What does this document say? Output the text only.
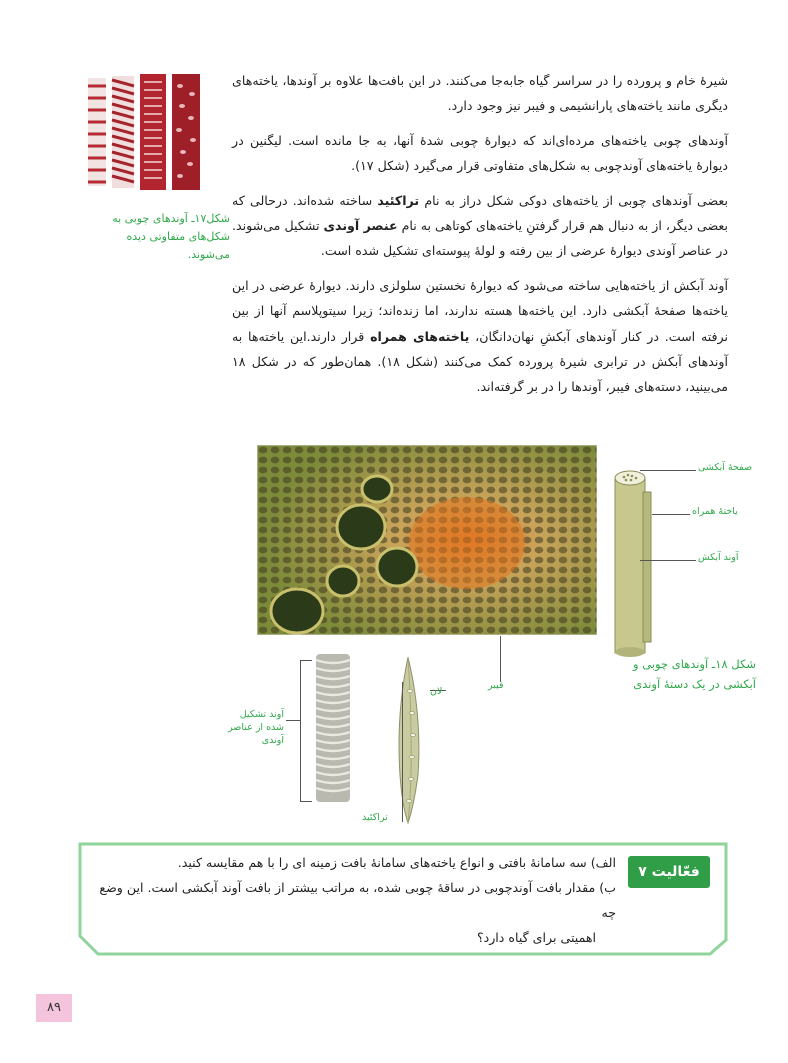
شیرهٔ خام و پرورده را در سراسر گیاه جابه‌جا می‌کنند. در این بافت‌ها علاوه بر آوندها، یاخته‌های دیگری مانند یاخته‌های پارانشیمی و فیبر نیز وجود دارد.

آوندهای چوبی یاخته‌های مرده‌ای‌اند که دیوارهٔ چوبی شدهٔ آنها، به جا مانده است. لیگنین در دیوارهٔ یاخته‌های آوندچوبی به شکل‌های متفاوتی قرار می‌گیرد (شکل ۱۷).

بعضی آوندهای چوبی از یاخته‌های دوکی شکل دراز به نام تراکئید ساخته شده‌اند. درحالی که بعضی دیگر، از به دنبال هم قرار گرفتنِ یاخته‌های کوتاهی به نام عنصر آوندی تشکیل می‌شوند. در عناصر آوندی دیوارهٔ عرضی از بین رفته و لولهٔ پیوسته‌ای تشکیل شده است.

آوند آبکش از یاخته‌هایی ساخته می‌شود که دیوارهٔ نخستین سلولزی دارند. دیوارهٔ عرضی در این یاخته‌ها صفحهٔ آبکشی دارد. این یاخته‌ها هسته ندارند، اما زنده‌اند؛ زیرا سیتوپلاسم آنها از بین نرفته است. در کنار آوندهای آبکشِ نهان‌دانگان، یاخته‌های همراه قرار دارند.این یاخته‌ها به آوندهای آبکش در ترابری شیرهٔ پرورده کمک می‌کنند (شکل ۱۸). همان‌طور که در شکل ۱۸ می‌بینید، دسته‌های فیبر، آوندها را در بر گرفته‌اند.

شکل۱۷ـ آوندهای چوبی به شکل‌های متفاوتی دیده می‌شوند.
صفحهٔ آبکشی
یاختهٔ همراه
آوند آبکش
شکل ۱۸ـ آوندهای چوبی و آبکشی در یک دستهٔ آوندی
آوند تشکیل شده از عناصر آوندی
لان
فیبر
تراکئید
فعّالیت ۷
الف) سه سامانهٔ بافتی و انواع یاخته‌های سامانهٔ بافت زمینه ای را با هم مقایسه کنید.
ب) مقدار بافت آوندچوبی در ساقهٔ چوبی شده، به مراتب بیشتر از بافت آوند آبکشی است. این وضع چه
اهمیتی برای گیاه دارد؟
۸۹
